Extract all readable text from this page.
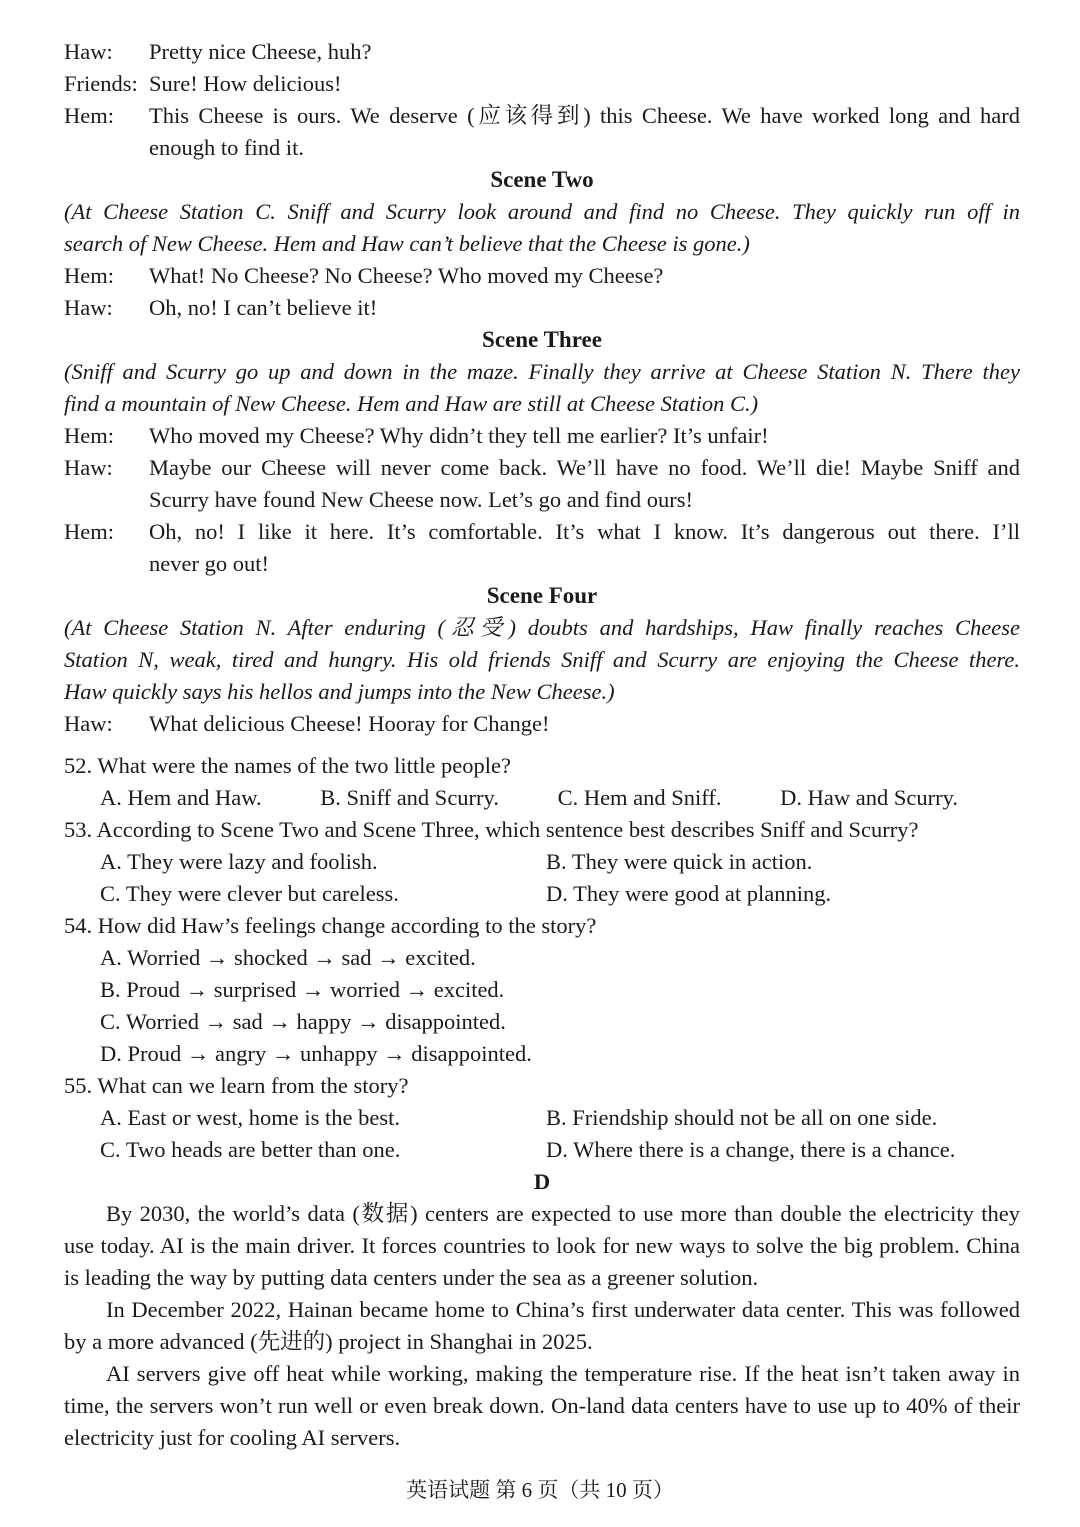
Haw:	Pretty nice Cheese, huh?
Friends: Sure! How delicious!
Hem:	This Cheese is ours. We deserve (应该得到) this Cheese. We have worked long and hard
enough to find it.
Scene Two
(At Cheese Station C. Sniff and Scurry look around and find no Cheese. They quickly run off in
search of New Cheese. Hem and Haw can’t believe that the Cheese is gone.)
Hem:	What! No Cheese? No Cheese? Who moved my Cheese?
Haw:	Oh, no! I can’t believe it!
Scene Three
(Sniff and Scurry go up and down in the maze. Finally they arrive at Cheese Station N. There they
find a mountain of New Cheese. Hem and Haw are still at Cheese Station C.)
Hem:	Who moved my Cheese? Why didn’t they tell me earlier? It’s unfair!
Haw:	Maybe our Cheese will never come back. We’ll have no food. We’ll die! Maybe Sniff and
Scurry have found New Cheese now. Let’s go and find ours!
Hem:	Oh, no! I like it here. It’s comfortable. It’s what I know. It’s dangerous out there. I’ll
never go out!
Scene Four
(At Cheese Station N. After enduring (忍受) doubts and hardships, Haw finally reaches Cheese
Station N, weak, tired and hungry. His old friends Sniff and Scurry are enjoying the Cheese there.
Haw quickly says his hellos and jumps into the New Cheese.)
Haw:	What delicious Cheese! Hooray for Change!
52. What were the names of the two little people?
A. Hem and Haw.	B. Sniff and Scurry.	C. Hem and Sniff.	D. Haw and Scurry.
53. According to Scene Two and Scene Three, which sentence best describes Sniff and Scurry?
A. They were lazy and foolish.	B. They were quick in action.
C. They were clever but careless.	D. They were good at planning.
54. How did Haw’s feelings change according to the story?
A. Worried → shocked → sad → excited.
B. Proud → surprised → worried → excited.
C. Worried → sad → happy → disappointed.
D. Proud → angry → unhappy → disappointed.
55. What can we learn from the story?
A. East or west, home is the best.	B. Friendship should not be all on one side.
C. Two heads are better than one.	D. Where there is a change, there is a chance.
D
By 2030, the world’s data (数据) centers are expected to use more than double the electricity they use today. AI is the main driver. It forces countries to look for new ways to solve the big problem. China is leading the way by putting data centers under the sea as a greener solution.
In December 2022, Hainan became home to China’s first underwater data center. This was followed by a more advanced (先进的) project in Shanghai in 2025.
AI servers give off heat while working, making the temperature rise. If the heat isn’t taken away in time, the servers won’t run well or even break down. On-land data centers have to use up to 40% of their electricity just for cooling AI servers.
英语试题 第 6 页（共 10 页）
